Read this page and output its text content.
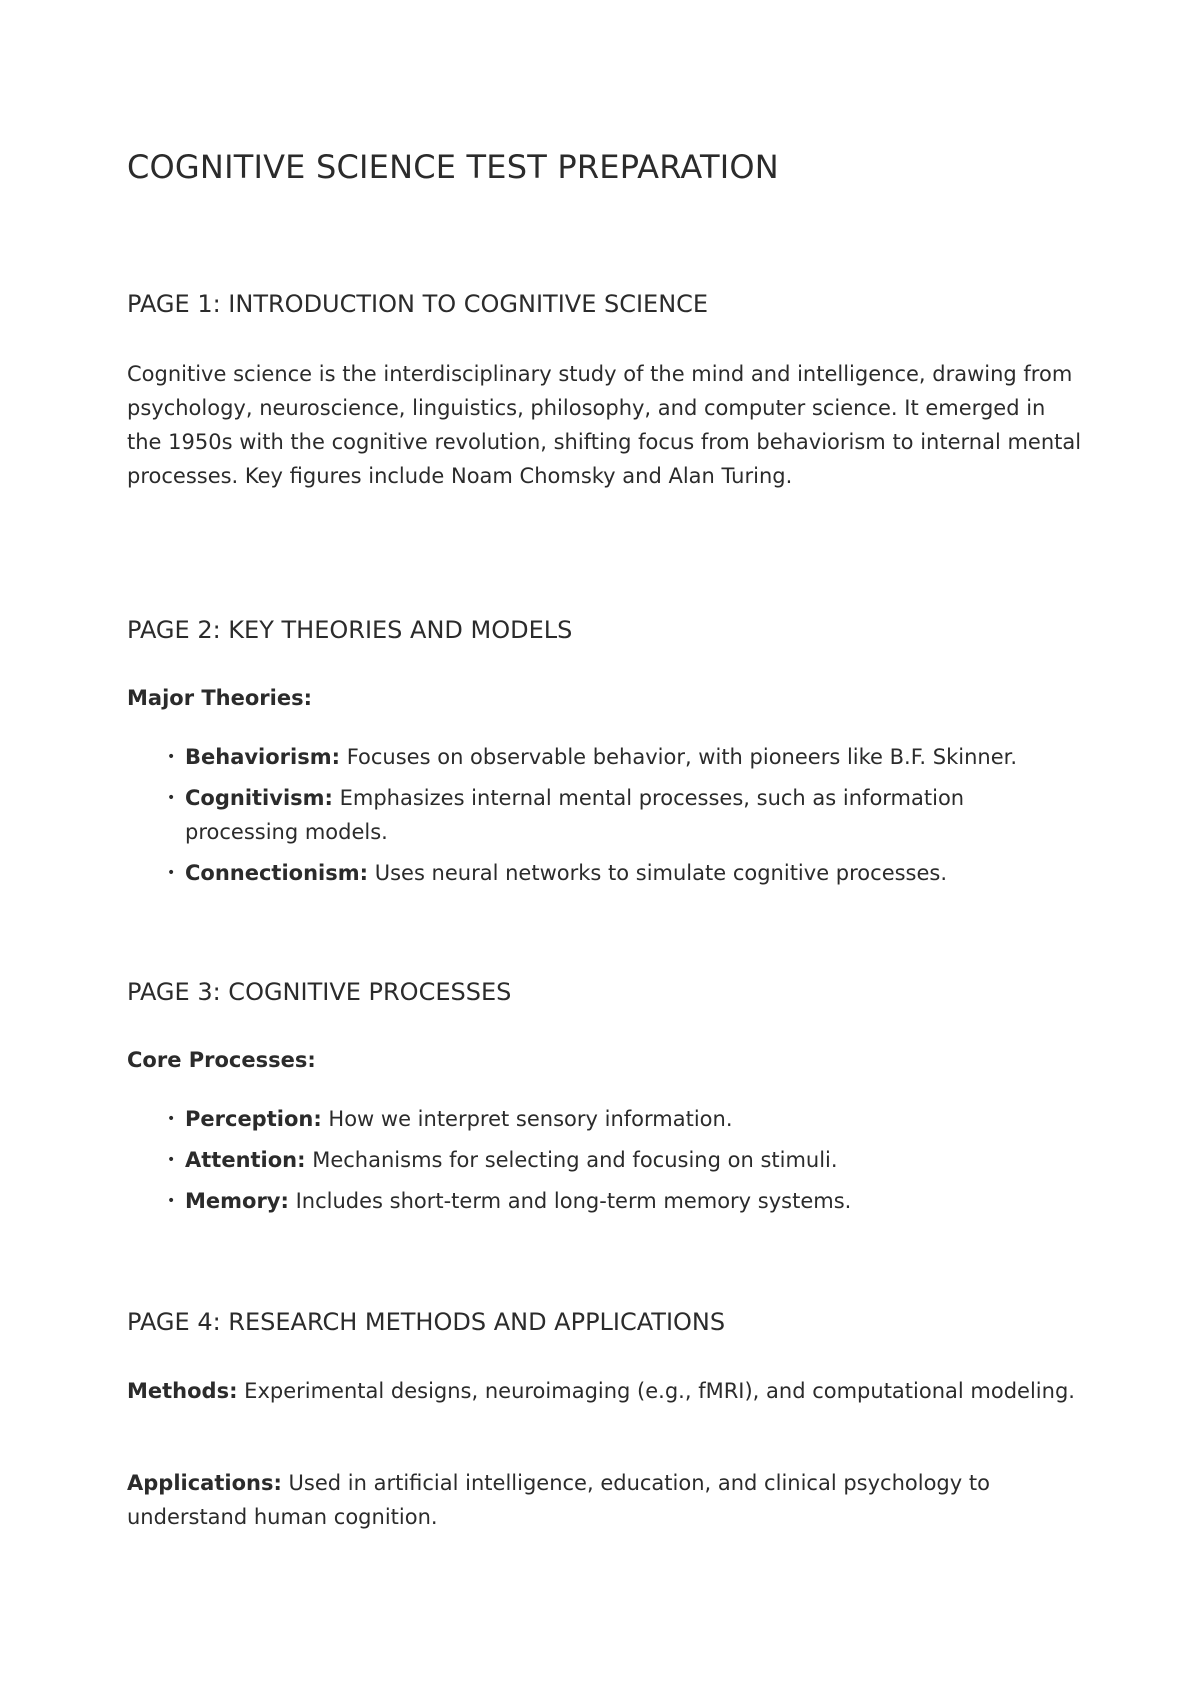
COGNITIVE SCIENCE TEST PREPARATION
PAGE 1: INTRODUCTION TO COGNITIVE SCIENCE

Cognitive science is the interdisciplinary study of the mind and intelligence, drawing from psychology, neuroscience, linguistics, philosophy, and computer science. It emerged in the 1950s with the cognitive revolution, shifting focus from behaviorism to internal mental processes. Key figures include Noam Chomsky and Alan Turing.

PAGE 2: KEY THEORIES AND MODELS

Major Theories:

• Behaviorism: Focuses on observable behavior, with pioneers like B.F. Skinner.
• Cognitivism: Emphasizes internal mental processes, such as information processing models.
• Connectionism: Uses neural networks to simulate cognitive processes.
PAGE 3: COGNITIVE PROCESSES

Core Processes:

• Perception: How we interpret sensory information.
• Attention: Mechanisms for selecting and focusing on stimuli.
• Memory: Includes short-term and long-term memory systems.
PAGE 4: RESEARCH METHODS AND APPLICATIONS

Methods: Experimental designs, neuroimaging (e.g., fMRI), and computational modeling.

Applications: Used in artificial intelligence, education, and clinical psychology to understand human cognition.
